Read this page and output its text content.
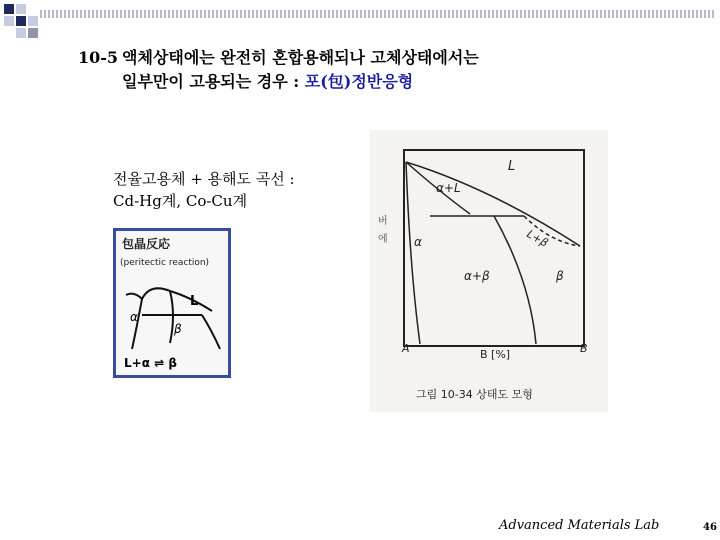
10-5 액체상태에는 완전히 혼합용해되나 고체상태에서는
일부만이 고용되는 경우 : 포(包)정반응형
전율고용체 + 용해도 곡선 :
Cd-Hg계, Co-Cu계
包晶反応
(peritectic reaction)
L
α
β
L+α ⇌ β
L
α+L
L+β
α
α+β	β
A	B
B [%]
그림 10-34 상태도 모형
버
에
Advanced Materials Lab	46
